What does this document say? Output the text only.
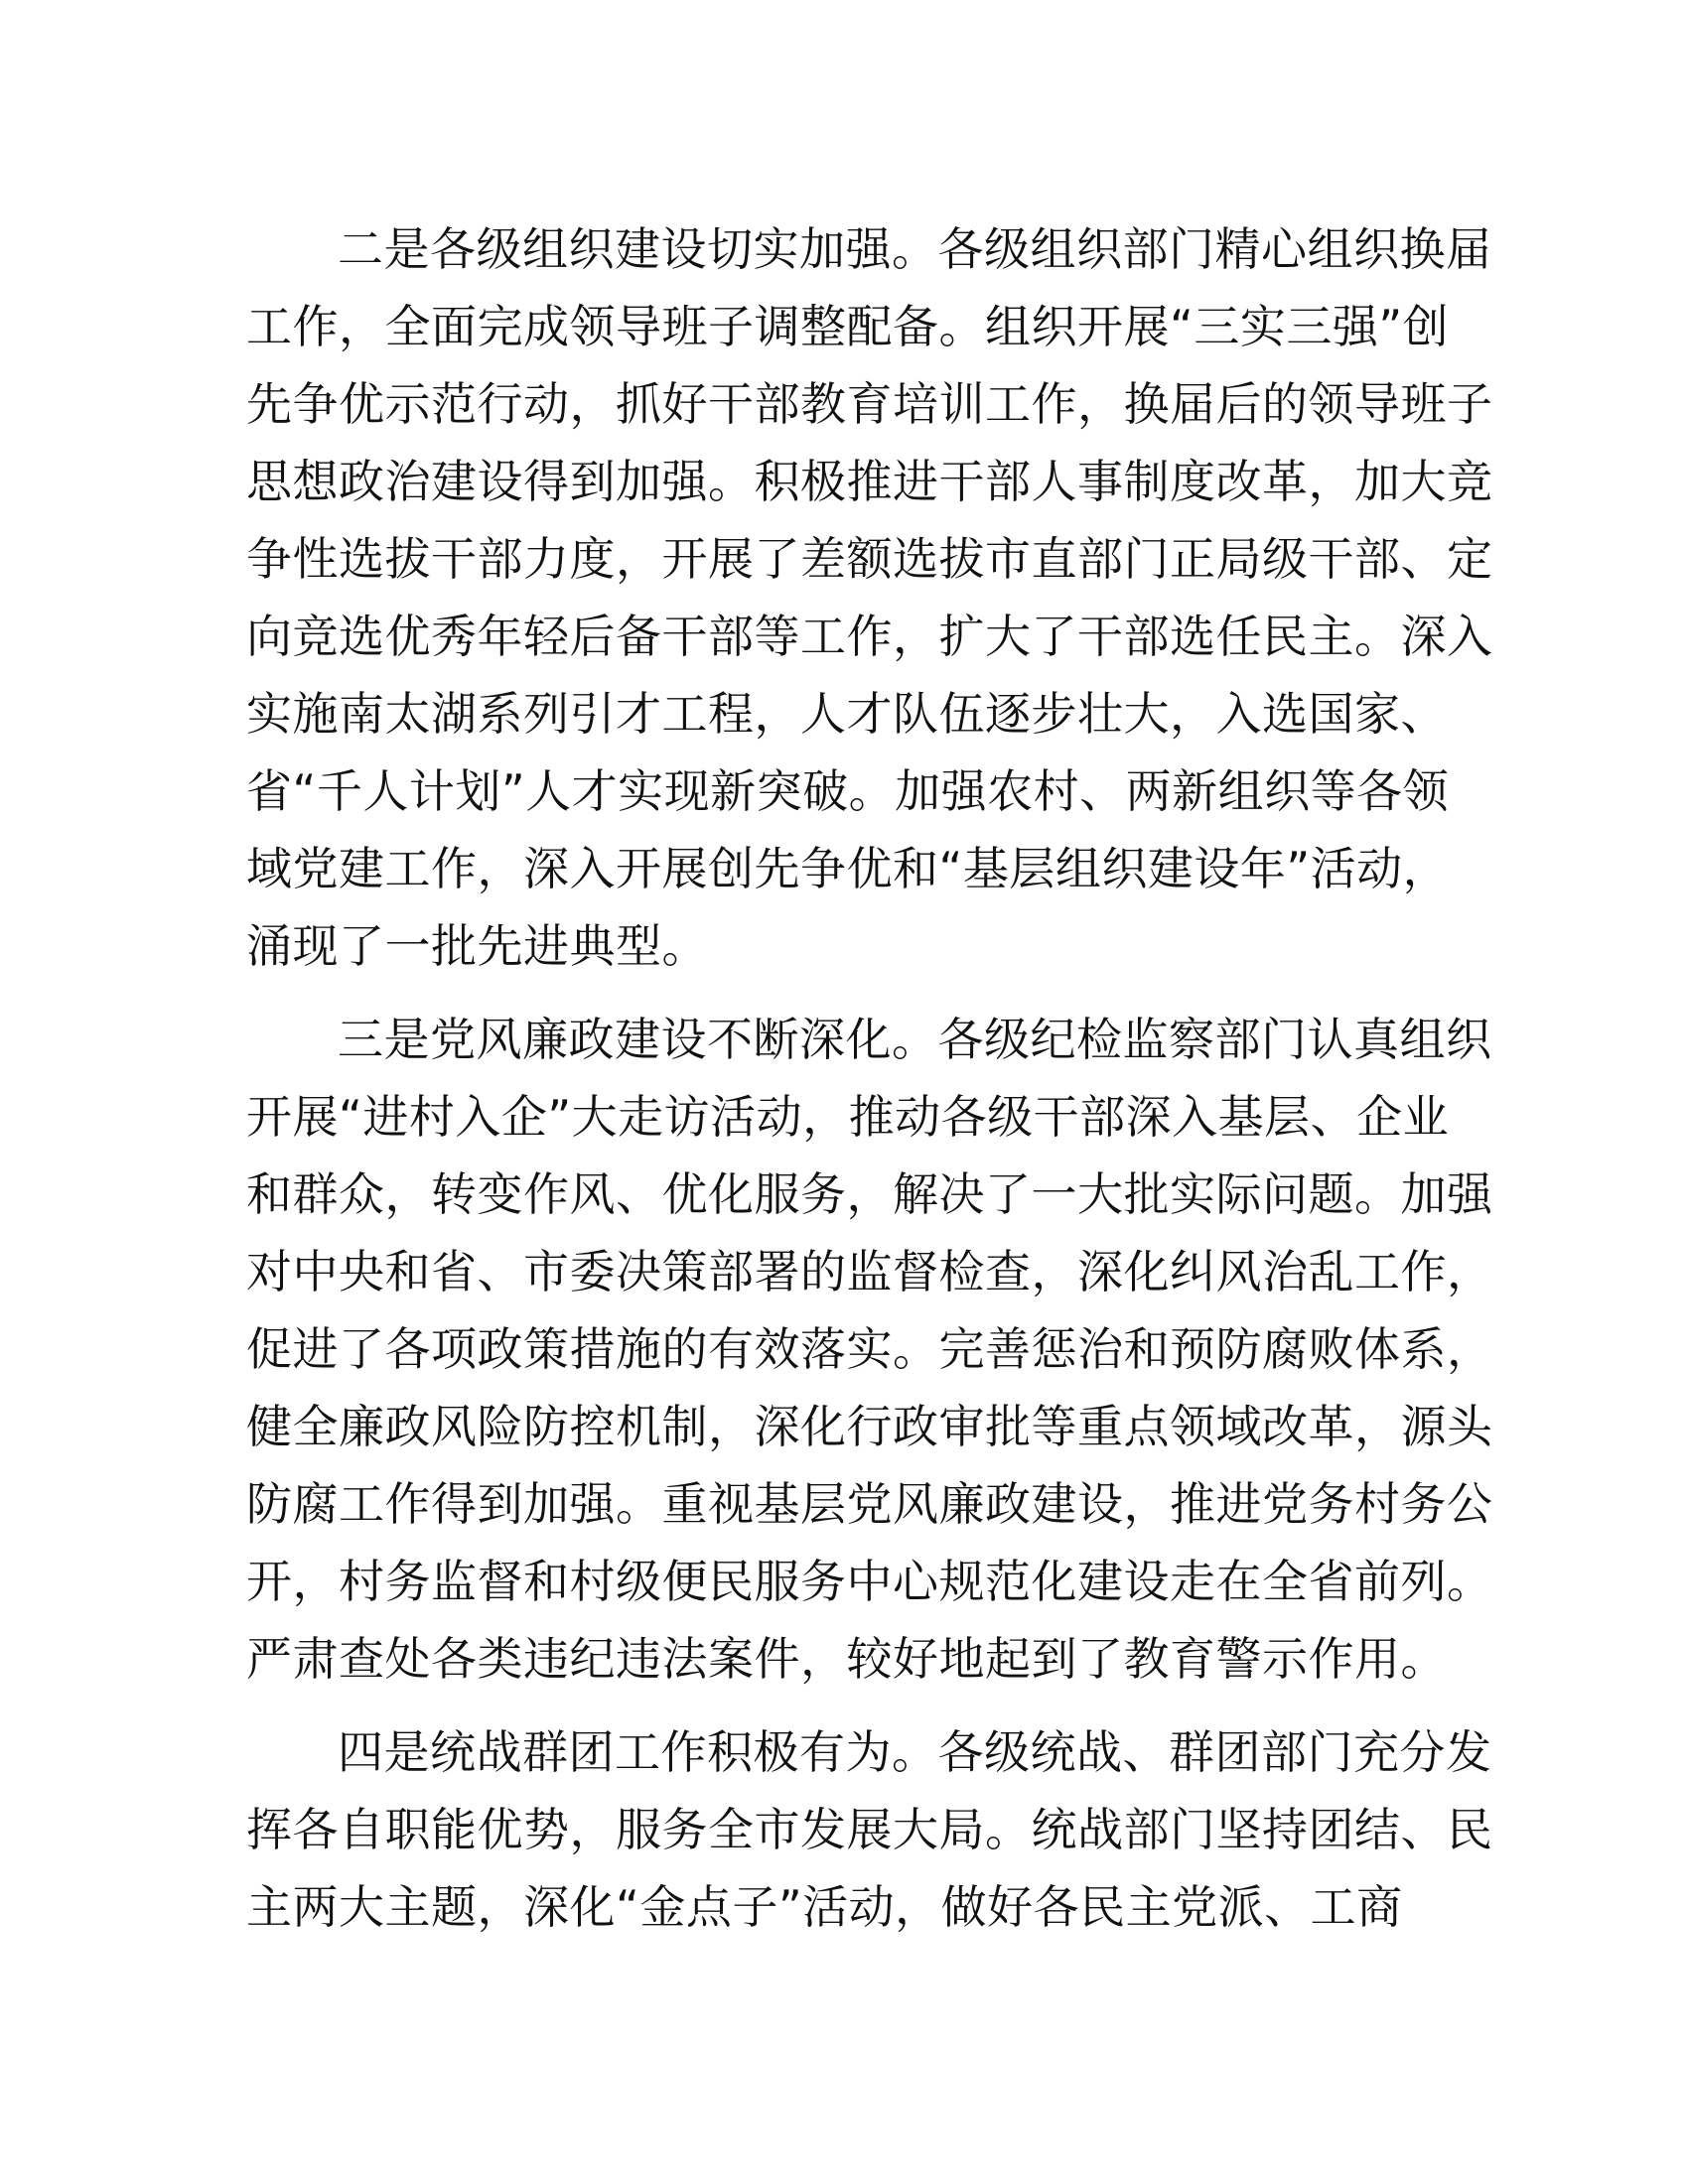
二是各级组织建设切实加强。各级组织部门精心组织换届
工作，全面完成领导班子调整配备。组织开展“三实三强”创
先争优示范行动，抓好干部教育培训工作，换届后的领导班子
思想政治建设得到加强。积极推进干部人事制度改革，加大竞
争性选拔干部力度，开展了差额选拔市直部门正局级干部、定
向竞选优秀年轻后备干部等工作，扩大了干部选任民主。深入
实施南太湖系列引才工程，人才队伍逐步壮大，入选国家、
省“千人计划”人才实现新突破。加强农村、两新组织等各领
域党建工作，深入开展创先争优和“基层组织建设年”活动，
涌现了一批先进典型。
三是党风廉政建设不断深化。各级纪检监察部门认真组织
开展“进村入企”大走访活动，推动各级干部深入基层、企业
和群众，转变作风、优化服务，解决了一大批实际问题。加强
对中央和省、市委决策部署的监督检查，深化纠风治乱工作，
促进了各项政策措施的有效落实。完善惩治和预防腐败体系，
健全廉政风险防控机制，深化行政审批等重点领域改革，源头
防腐工作得到加强。重视基层党风廉政建设，推进党务村务公
开，村务监督和村级便民服务中心规范化建设走在全省前列。
严肃查处各类违纪违法案件，较好地起到了教育警示作用。
四是统战群团工作积极有为。各级统战、群团部门充分发
挥各自职能优势，服务全市发展大局。统战部门坚持团结、民
主两大主题，深化“金点子”活动，做好各民主党派、工商
